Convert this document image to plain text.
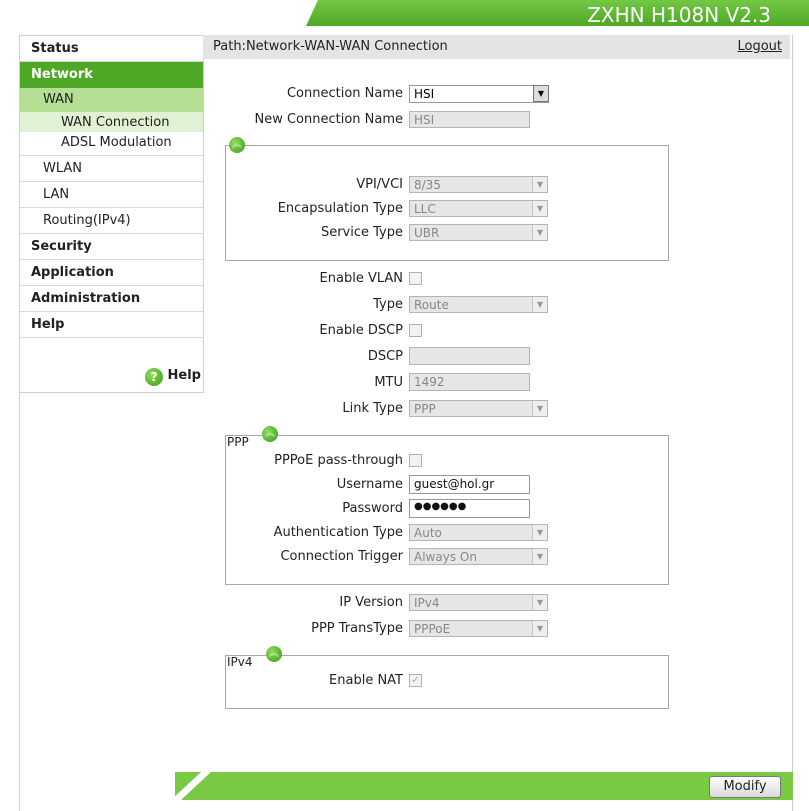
ZXHN H108N V2.3
Status
Network
WAN
WAN Connection
ADSL Modulation
WLAN
LAN
Routing(IPv4)
Security
Application
Administration
Help
? Help
Path:Network-WAN-WAN Connection	Logout
Connection Name HSI	▼
New Connection Name HSI
︽
VPI/VCI 8/35	▼
Encapsulation Type LLC	▼
Service Type UBR	▼
Enable VLAN
Type Route	▼
Enable DSCP
DSCP
MTU 1492
Link Type PPP	▼
PPP
︽
PPPoE pass-through
Username guest@hol.gr
Password	●●●●●●
Authentication Type Auto	▼
Connection Trigger Always On	▼
IP Version IPv4	▼
PPP TransType PPPoE	▼
IPv4
︽
Enable NAT ✓
Modify
